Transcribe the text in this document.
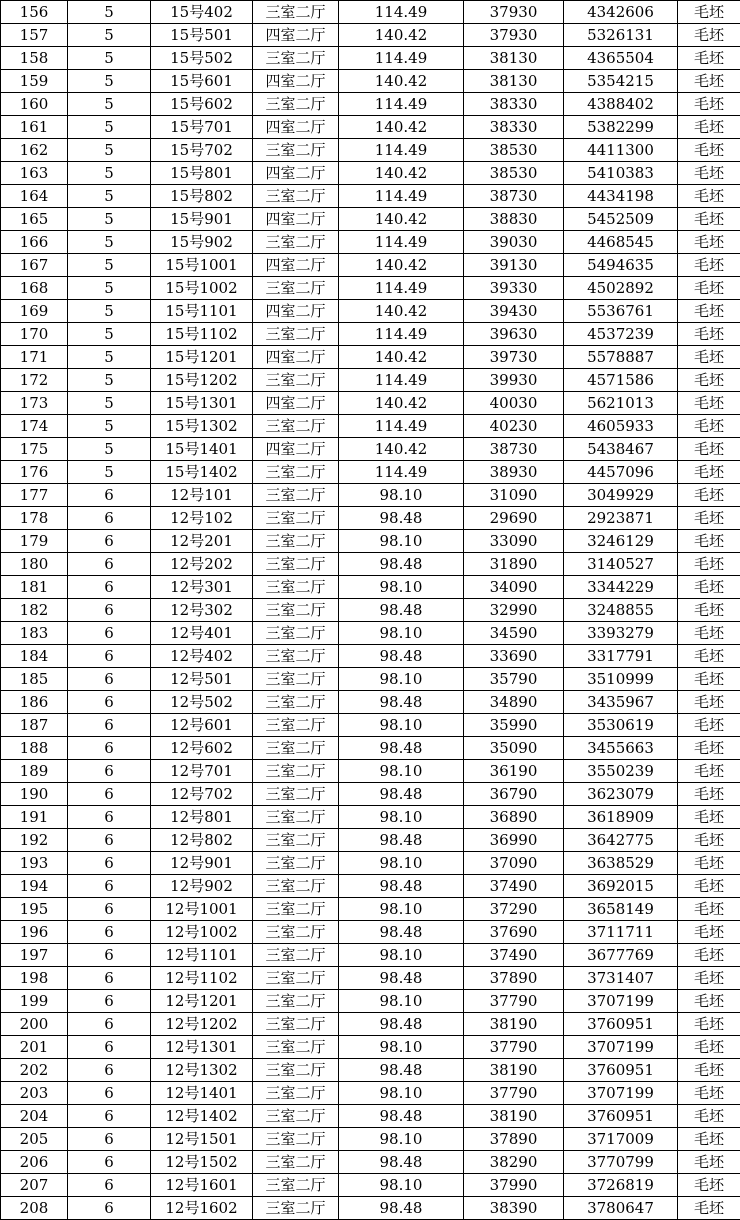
156	5	15号402	三室二厅	114.49	37930	4342606	毛坯
157	5	15号501	四室二厅	140.42	37930	5326131	毛坯
158	5	15号502	三室二厅	114.49	38130	4365504	毛坯
159	5	15号601	四室二厅	140.42	38130	5354215	毛坯
160	5	15号602	三室二厅	114.49	38330	4388402	毛坯
161	5	15号701	四室二厅	140.42	38330	5382299	毛坯
162	5	15号702	三室二厅	114.49	38530	4411300	毛坯
163	5	15号801	四室二厅	140.42	38530	5410383	毛坯
164	5	15号802	三室二厅	114.49	38730	4434198	毛坯
165	5	15号901	四室二厅	140.42	38830	5452509	毛坯
166	5	15号902	三室二厅	114.49	39030	4468545	毛坯
167	5	15号1001	四室二厅	140.42	39130	5494635	毛坯
168	5	15号1002	三室二厅	114.49	39330	4502892	毛坯
169	5	15号1101	四室二厅	140.42	39430	5536761	毛坯
170	5	15号1102	三室二厅	114.49	39630	4537239	毛坯
171	5	15号1201	四室二厅	140.42	39730	5578887	毛坯
172	5	15号1202	三室二厅	114.49	39930	4571586	毛坯
173	5	15号1301	四室二厅	140.42	40030	5621013	毛坯
174	5	15号1302	三室二厅	114.49	40230	4605933	毛坯
175	5	15号1401	四室二厅	140.42	38730	5438467	毛坯
176	5	15号1402	三室二厅	114.49	38930	4457096	毛坯
177	6	12号101	三室二厅	98.10	31090	3049929	毛坯
178	6	12号102	三室二厅	98.48	29690	2923871	毛坯
179	6	12号201	三室二厅	98.10	33090	3246129	毛坯
180	6	12号202	三室二厅	98.48	31890	3140527	毛坯
181	6	12号301	三室二厅	98.10	34090	3344229	毛坯
182	6	12号302	三室二厅	98.48	32990	3248855	毛坯
183	6	12号401	三室二厅	98.10	34590	3393279	毛坯
184	6	12号402	三室二厅	98.48	33690	3317791	毛坯
185	6	12号501	三室二厅	98.10	35790	3510999	毛坯
186	6	12号502	三室二厅	98.48	34890	3435967	毛坯
187	6	12号601	三室二厅	98.10	35990	3530619	毛坯
188	6	12号602	三室二厅	98.48	35090	3455663	毛坯
189	6	12号701	三室二厅	98.10	36190	3550239	毛坯
190	6	12号702	三室二厅	98.48	36790	3623079	毛坯
191	6	12号801	三室二厅	98.10	36890	3618909	毛坯
192	6	12号802	三室二厅	98.48	36990	3642775	毛坯
193	6	12号901	三室二厅	98.10	37090	3638529	毛坯
194	6	12号902	三室二厅	98.48	37490	3692015	毛坯
195	6	12号1001	三室二厅	98.10	37290	3658149	毛坯
196	6	12号1002	三室二厅	98.48	37690	3711711	毛坯
197	6	12号1101	三室二厅	98.10	37490	3677769	毛坯
198	6	12号1102	三室二厅	98.48	37890	3731407	毛坯
199	6	12号1201	三室二厅	98.10	37790	3707199	毛坯
200	6	12号1202	三室二厅	98.48	38190	3760951	毛坯
201	6	12号1301	三室二厅	98.10	37790	3707199	毛坯
202	6	12号1302	三室二厅	98.48	38190	3760951	毛坯
203	6	12号1401	三室二厅	98.10	37790	3707199	毛坯
204	6	12号1402	三室二厅	98.48	38190	3760951	毛坯
205	6	12号1501	三室二厅	98.10	37890	3717009	毛坯
206	6	12号1502	三室二厅	98.48	38290	3770799	毛坯
207	6	12号1601	三室二厅	98.10	37990	3726819	毛坯
208	6	12号1602	三室二厅	98.48	38390	3780647	毛坯
